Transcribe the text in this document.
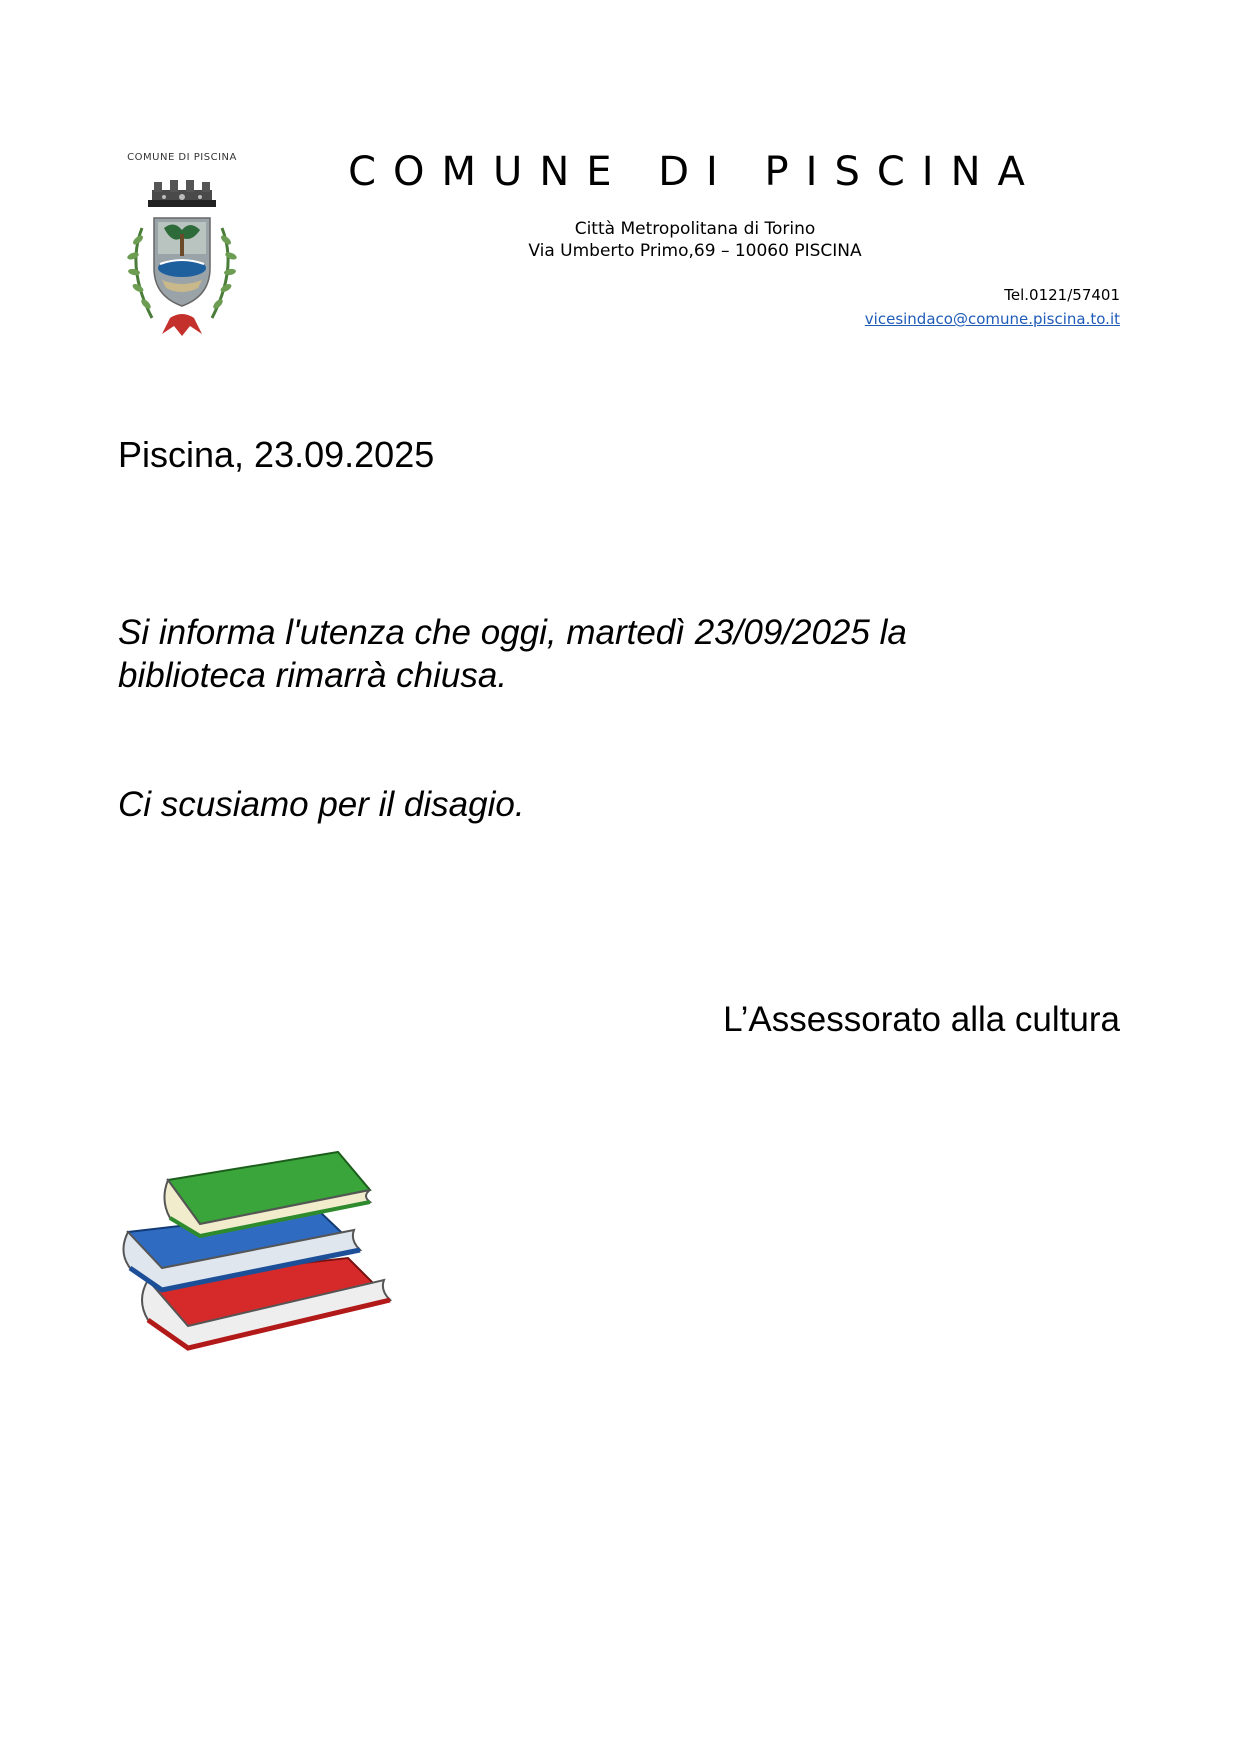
COMUNE DI PISCINA	COMUNE DI PISCINA
Città Metropolitana di Torino
Via Umberto Primo,69 – 10060 PISCINA
Tel.0121/57401
vicesindaco@comune.piscina.to.it
Piscina, 23.09.2025
Si informa l'utenza che oggi, martedì 23/09/2025 la
biblioteca rimarrà chiusa.
Ci scusiamo per il disagio.
L’Assessorato alla cultura
